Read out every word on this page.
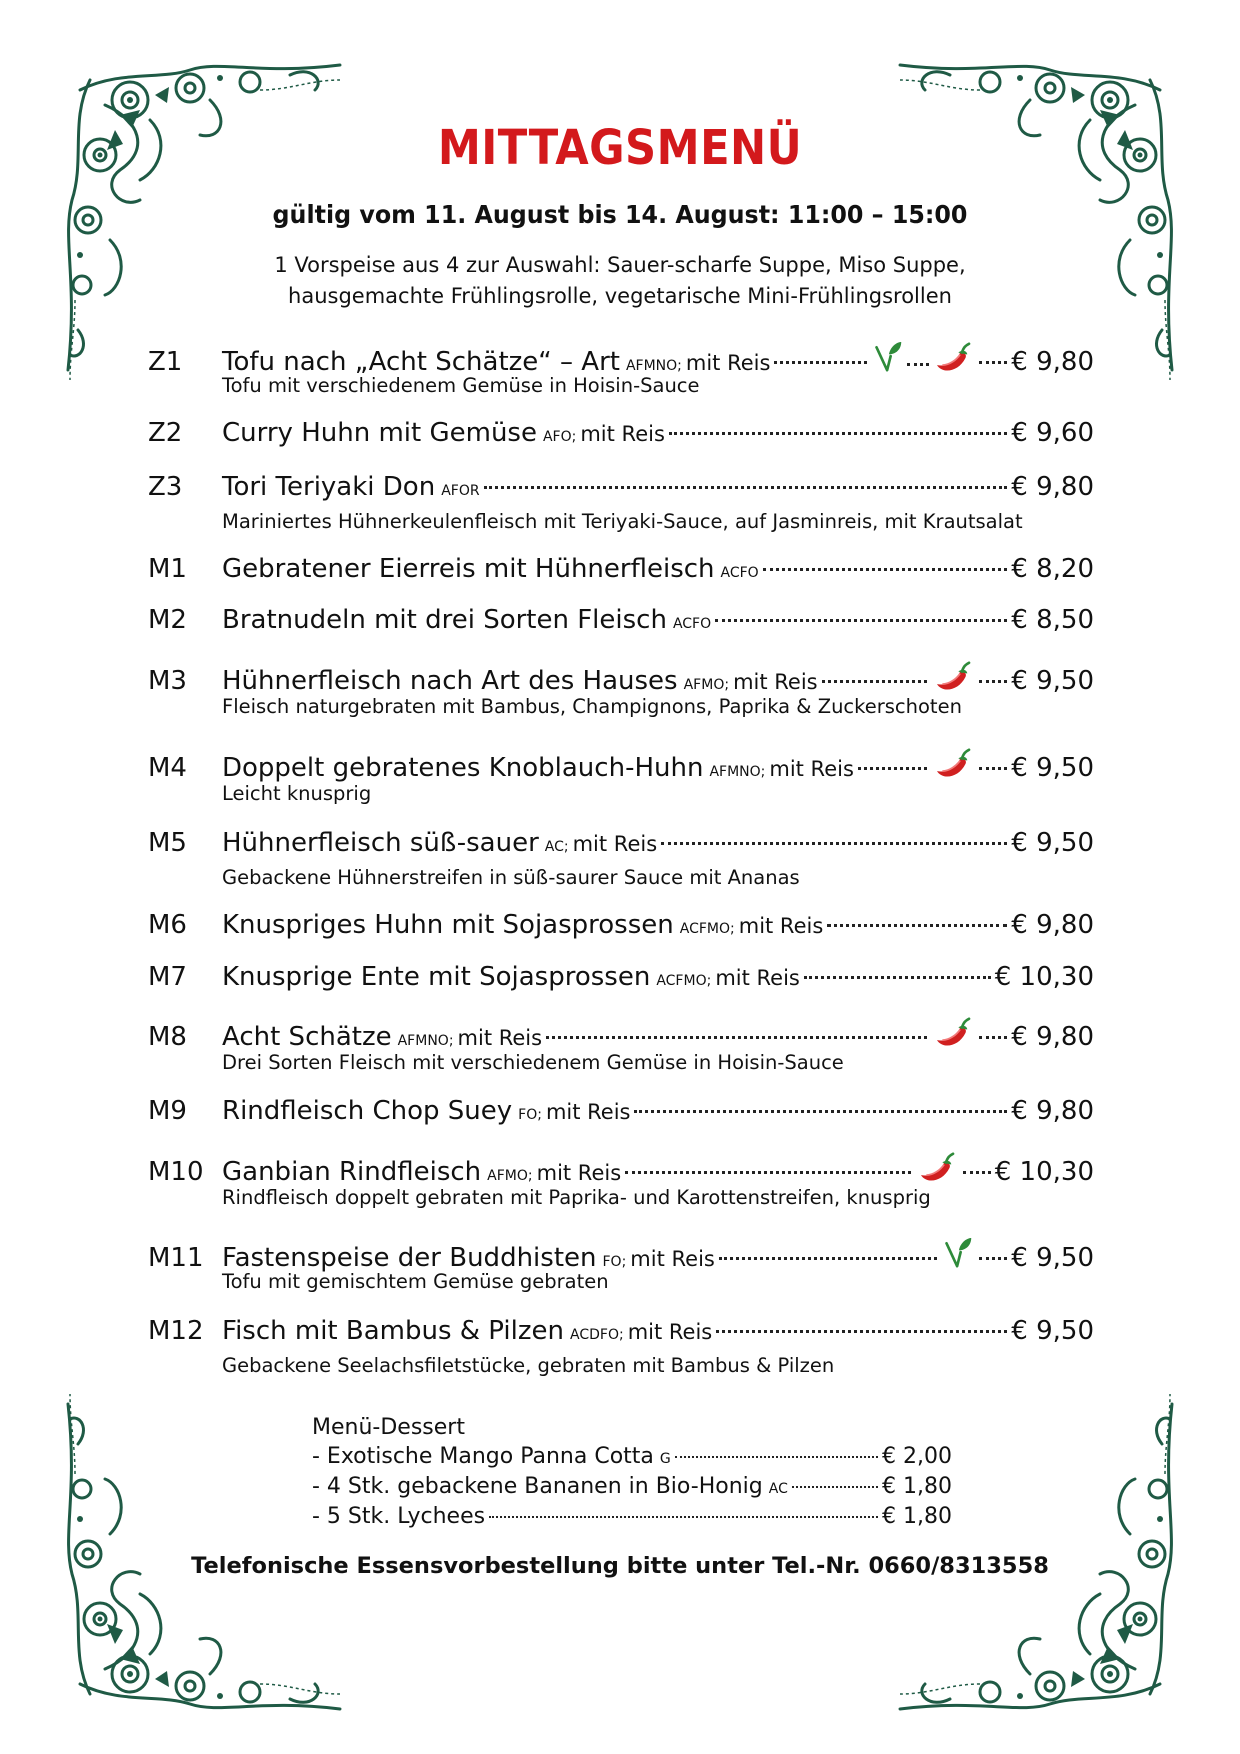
MITTAGSMENÜ
gültig vom 11. August bis 14. August: 11:00 – 15:00
1 Vorspeise aus 4 zur Auswahl: Sauer-scharfe Suppe, Miso Suppe,
hausgemachte Frühlingsrolle, vegetarische Mini-Frühlingsrollen
Z1	Tofu nach „Acht Schätze“ – Art AFMNO ; mit Reis	€ 9,80
Tofu mit verschiedenem Gemüse in Hoisin-Sauce
Z2	Curry Huhn mit Gemüse AFO ; mit Reis	€ 9,60
Z3	Tori Teriyaki Don AFOR	€ 9,80
Mariniertes Hühnerkeulenfleisch mit Teriyaki-Sauce, auf Jasminreis, mit Krautsalat
M1	Gebratener Eierreis mit Hühnerfleisch ACFO	€ 8,20
M2	Bratnudeln mit drei Sorten Fleisch ACFO	€ 8,50
M3	Hühnerfleisch nach Art des Hauses AFMO ; mit Reis	€ 9,50
Fleisch naturgebraten mit Bambus, Champignons, Paprika & Zuckerschoten
M4	Doppelt gebratenes Knoblauch-Huhn AFMNO ; mit Reis	€ 9,50
Leicht knusprig
M5	Hühnerfleisch süß-sauer AC ; mit Reis	€ 9,50
Gebackene Hühnerstreifen in süß-saurer Sauce mit Ananas
M6	Knuspriges Huhn mit Sojasprossen ACFMO ; mit Reis	€ 9,80
M7	Knusprige Ente mit Sojasprossen ACFMO ; mit Reis	€ 10,30
M8	Acht Schätze AFMNO ; mit Reis	€ 9,80
Drei Sorten Fleisch mit verschiedenem Gemüse in Hoisin-Sauce
M9	Rindfleisch Chop Suey FO ; mit Reis	€ 9,80
M10 Ganbian Rindfleisch AFMO ; mit Reis	€ 10,30
Rindfleisch doppelt gebraten mit Paprika- und Karottenstreifen, knusprig
M11 Fastenspeise der Buddhisten FO ; mit Reis	€ 9,50
Tofu mit gemischtem Gemüse gebraten
M12 Fisch mit Bambus & Pilzen ACDFO ; mit Reis	€ 9,50
Gebackene Seelachsfiletstücke, gebraten mit Bambus & Pilzen
Menü-Dessert
- Exotische Mango Panna Cotta G	€ 2,00
- 4 Stk. gebackene Bananen in Bio-Honig AC	€ 1,80
- 5 Stk. Lychees	€ 1,80
Telefonische Essensvorbestellung bitte unter Tel.-Nr. 0660/8313558
